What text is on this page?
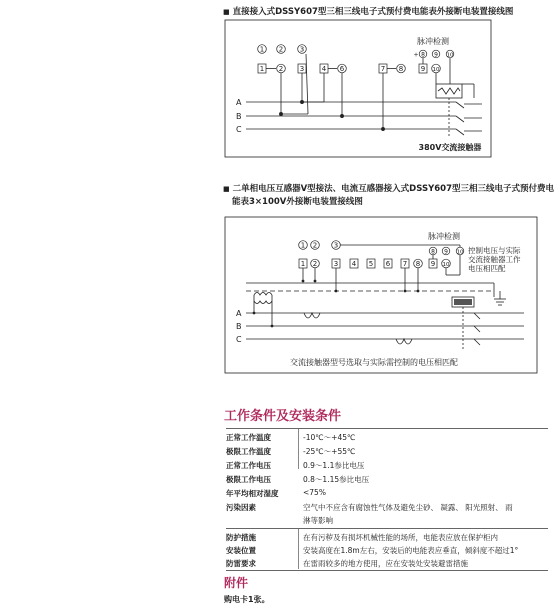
■ 直接接入式DSSY607型三相三线电子式预付费电能表外接断电装置接线图
1 2 3
脉冲检测
8 9 10
+
1 2 3	4 6	7 8	9 10
A
B
C
380V交流接触器
■ 二单相电压互感器V型接法、电流互感器接入式DSSY607型三相三线电子式预付费电
能表3×100V外接断电装置接线图
1 2 3
脉冲检测
8 9 10
1 2 3 4 5 6 7 8 9 10
控制电压与实际
交流接触器工作
电压相匹配
A
B
C
交流接触器型号选取与实际需控制的电压相匹配
工作条件及安装条件
正常工作温度	-10℃～+45℃
极限工作温度	-25℃～+55℃
正常工作电压	0.9～1.1参比电压
极限工作电压	0.8～1.15参比电压
年平均相对湿度	<75%
污染因素	空气中不应含有腐蚀性气体及避免尘砂、 凝露、 阳光照射、 雨
淋等影响
防护措施	在有污秽及有损坏机械性能的场所，电能表应放在保护柜内
安装位置	安装高度在1.8m左右，安装后的电能表应垂直，倾斜度不超过1°
防雷要求	在雷雨较多的地方使用，应在安装处安装避雷措施
附件
购电卡1张。
